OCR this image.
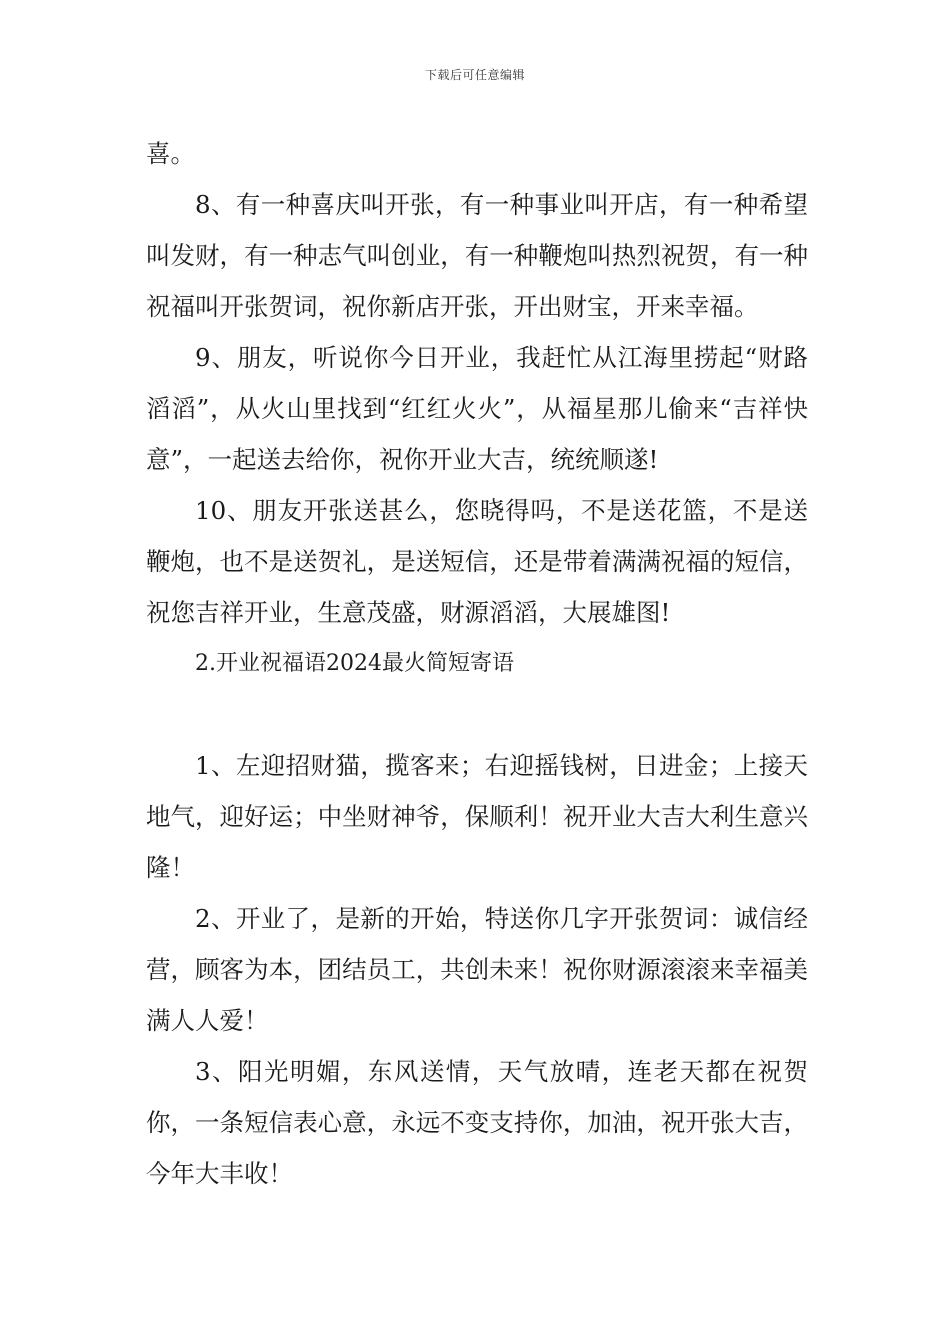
下载后可任意编辑

喜。

8、有一种喜庆叫开张，有一种事业叫开店，有一种希望叫发财，有一种志气叫创业，有一种鞭炮叫热烈祝贺，有一种祝福叫开张贺词，祝你新店开张，开出财宝，开来幸福。

9、朋友，听说你今日开业，我赶忙从江海里捞起“财路滔滔”，从火山里找到“红红火火”，从福星那儿偷来“吉祥快意”，一起送去给你，祝你开业大吉，统统顺遂!

10、朋友开张送甚么，您晓得吗，不是送花篮，不是送鞭炮，也不是送贺礼，是送短信，还是带着满满祝福的短信，祝您吉祥开业，生意茂盛，财源滔滔，大展雄图!

2.开业祝福语2024最火简短寄语

1、左迎招财猫，揽客来；右迎摇钱树，日进金；上接天地气，迎好运；中坐财神爷，保顺利！祝开业大吉大利生意兴隆！

2、开业了，是新的开始，特送你几字开张贺词：诚信经营，顾客为本，团结员工，共创未来！祝你财源滚滚来幸福美满人人爱！

3、阳光明媚，东风送情，天气放晴，连老天都在祝贺你，一条短信表心意，永远不变支持你，加油，祝开张大吉，今年大丰收！
